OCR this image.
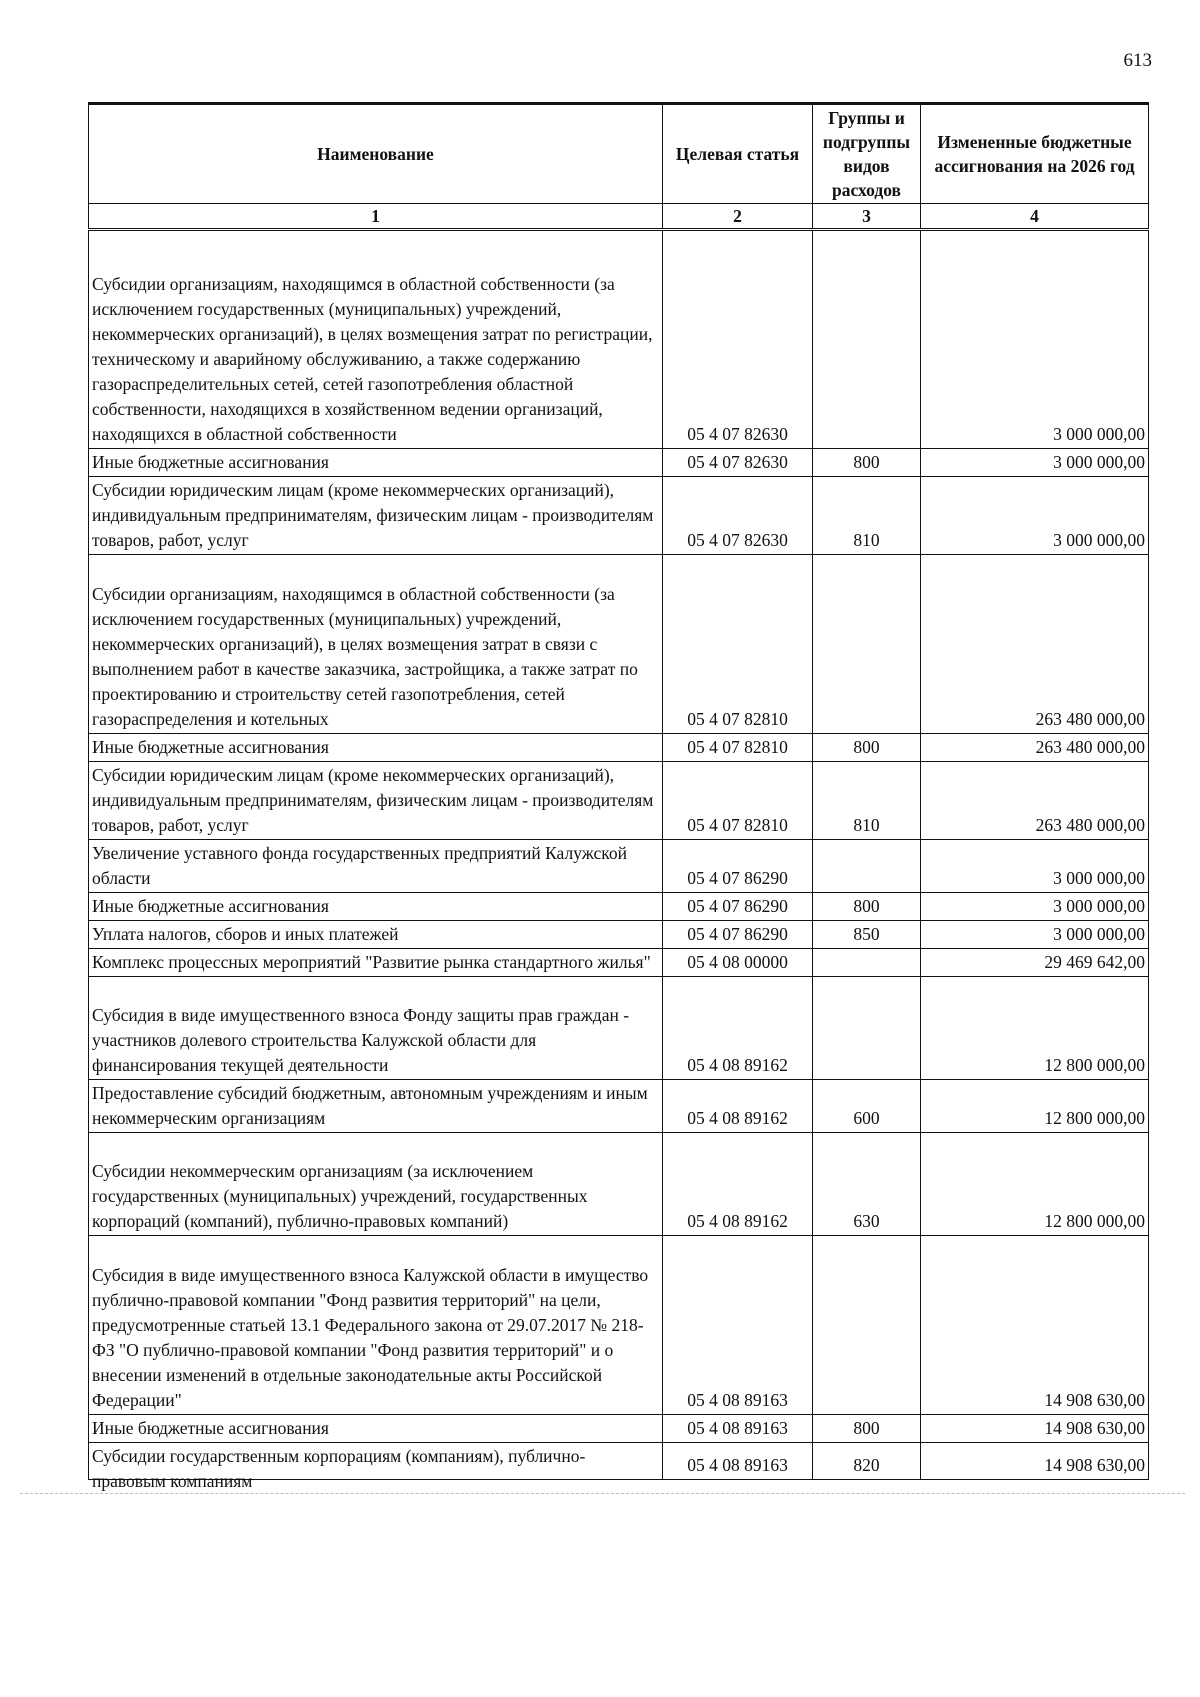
613
Наименование	Целевая статья	Группы и подгруппы видов расходов	Измененные бюджетные ассигнования на 2026 год
1	2	3	4
Субсидии организациям, находящимся в областной собственности (за исключением государственных (муниципальных) учреждений, некоммерческих организаций), в целях возмещения затрат по регистрации, техническому и аварийному обслуживанию, а также содержанию газораспределительных сетей, сетей газопотребления областной собственности, находящихся в хозяйственном ведении организаций, находящихся в областной собственности	05 4 07 82630		3 000 000,00
Иные бюджетные ассигнования	05 4 07 82630	800	3 000 000,00
Субсидии юридическим лицам (кроме некоммерческих организаций), индивидуальным предпринимателям, физическим лицам - производителям товаров, работ, услуг	05 4 07 82630	810	3 000 000,00
Субсидии организациям, находящимся в областной собственности (за исключением государственных (муниципальных) учреждений, некоммерческих организаций), в целях возмещения затрат в связи с выполнением работ в качестве заказчика, застройщика, а также затрат по проектированию и строительству сетей газопотребления, сетей газораспределения и котельных	05 4 07 82810		263 480 000,00
Иные бюджетные ассигнования	05 4 07 82810	800	263 480 000,00
Субсидии юридическим лицам (кроме некоммерческих организаций), индивидуальным предпринимателям, физическим лицам - производителям товаров, работ, услуг	05 4 07 82810	810	263 480 000,00
Увеличение уставного фонда государственных предприятий Калужской области	05 4 07 86290		3 000 000,00
Иные бюджетные ассигнования	05 4 07 86290	800	3 000 000,00
Уплата налогов, сборов и иных платежей	05 4 07 86290	850	3 000 000,00
Комплекс процессных мероприятий "Развитие рынка стандартного жилья"	05 4 08 00000		29 469 642,00
Субсидия в виде имущественного взноса Фонду защиты прав граждан - участников долевого строительства Калужской области для финансирования текущей деятельности	05 4 08 89162		12 800 000,00
Предоставление субсидий бюджетным, автономным учреждениям и иным некоммерческим организациям	05 4 08 89162	600	12 800 000,00
Субсидии некоммерческим организациям (за исключением государственных (муниципальных) учреждений, государственных корпораций (компаний), публично-правовых компаний)	05 4 08 89162	630	12 800 000,00
Субсидия в виде имущественного взноса Калужской области в имущество публично-правовой компании "Фонд развития территорий" на цели, предусмотренные статьей 13.1 Федерального закона от 29.07.2017 № 218-ФЗ "О публично-правовой компании "Фонд развития территорий" и о внесении изменений в отдельные законодательные акты Российской Федерации"	05 4 08 89163		14 908 630,00
Иные бюджетные ассигнования	05 4 08 89163	800	14 908 630,00

Субсидии государственным корпорациям (компаниям), публично-правовым компаниям	05 4 08 89163	820	14 908 630,00
